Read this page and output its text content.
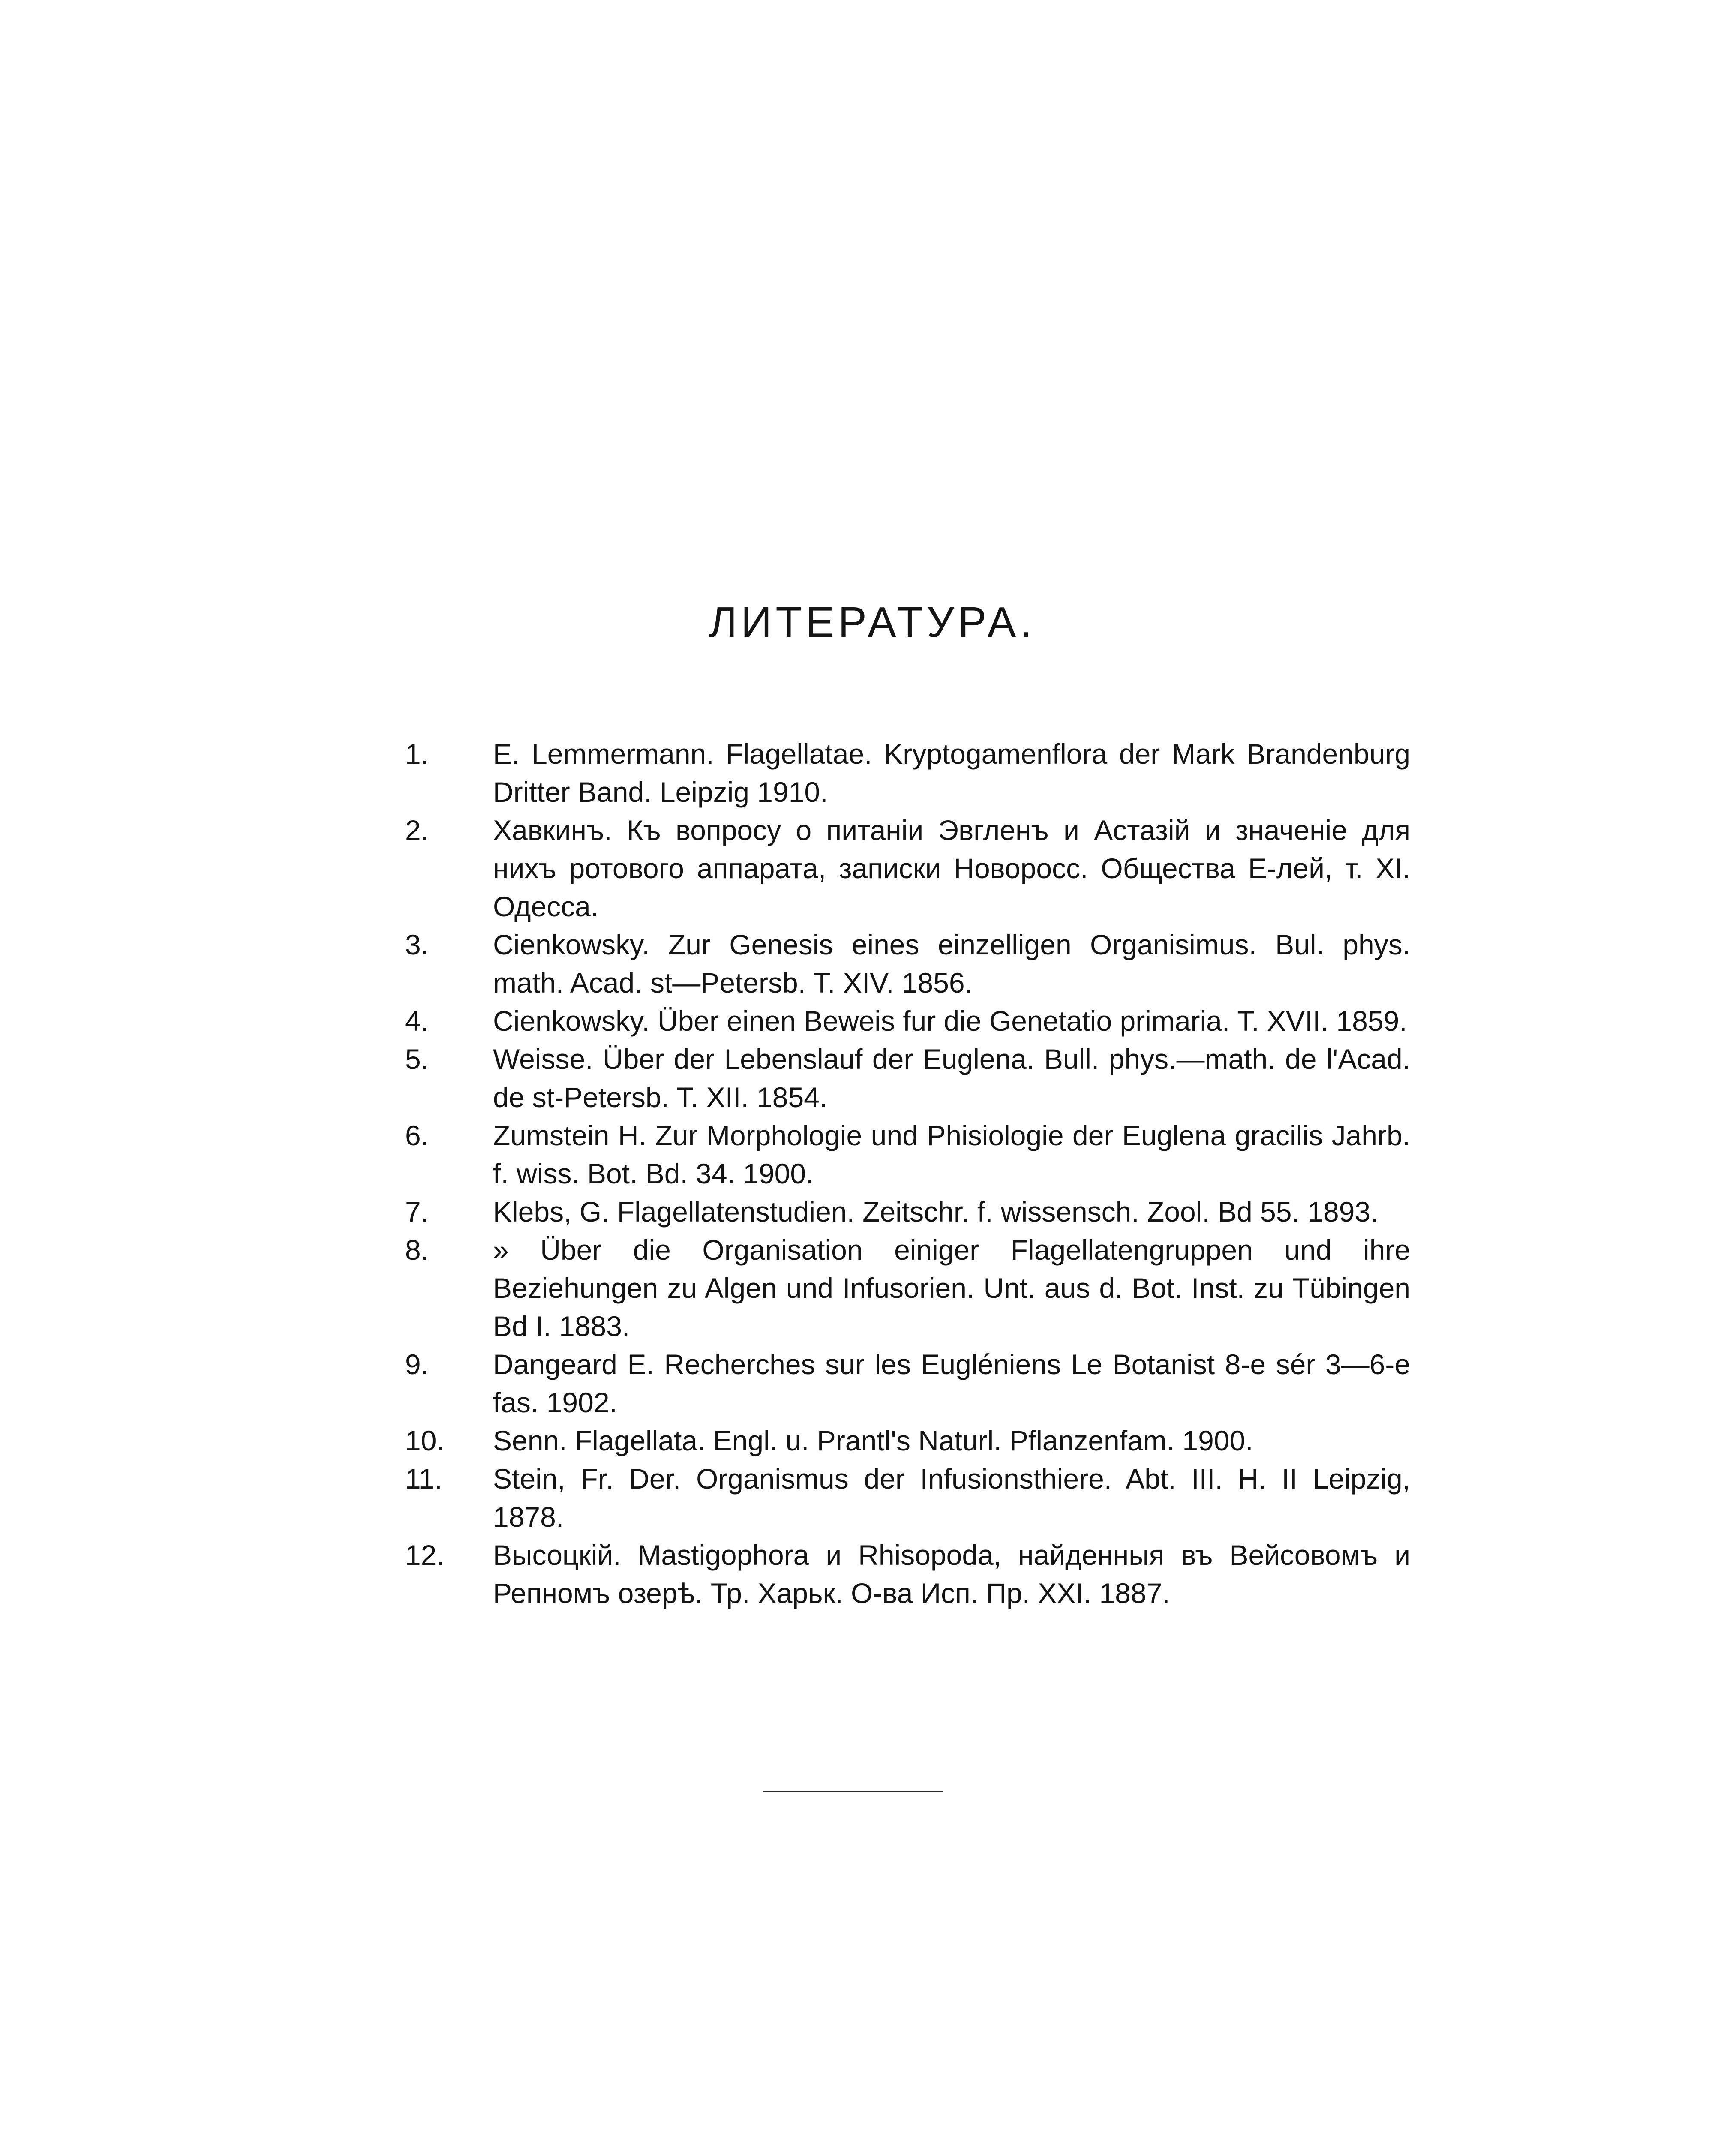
ЛИТЕРАТУРА.
1.	E. Lemmermann. Flagellatae. Kryptogamenflora der Mark Brandenburg Dritter Band. Leipzig 1910.
2.	Хавкинъ. Къ вопросу о питанiи Эвгленъ и Астазiй и значенiе для нихъ ротового аппарата, записки Новоросс. Общества Е-лей, т. XI. Одесса.
3.	Cienkowsky. Zur Genesis eines einzelligen Organisimus. Bul. phys. math. Acad. st—Petersb. T. XIV. 1856.
4.	Cienkowsky. Über einen Beweis fur die Genetatio primaria. T. XVII. 1859.
5.	Weisse. Über der Lebenslauf der Euglena. Bull. phys.—math. de l'Acad. de st-Petersb. T. XII. 1854.
6.	Zumstein H. Zur Morphologie und Phisiologie der Euglena gracilis Jahrb. f. wiss. Bot. Bd. 34. 1900.
7.	Klebs, G. Flagellatenstudien. Zeitschr. f. wissensch. Zool. Bd 55. 1893.
8.	» Über die Organisation einiger Flagellatengruppen und ihre Beziehungen zu Algen und Infusorien. Unt. aus d. Bot. Inst. zu Tübingen Bd I. 1883.
9.	Dangeard E. Recherches sur les Eugléniens Le Botanist 8-e sér 3—6-e fas. 1902.
10.	Senn. Flagellata. Engl. u. Prantl's Naturl. Pflanzenfam. 1900.
11.	Stein, Fr. Der. Organismus der Infusionsthiere. Abt. III. H. II Leipzig, 1878.
12.	Высоцкiй. Mastigophora и Rhisopoda, найденныя въ Вейсовомъ и Репномъ озерѣ. Тр. Харьк. О-ва Исп. Пр. XXI. 1887.
